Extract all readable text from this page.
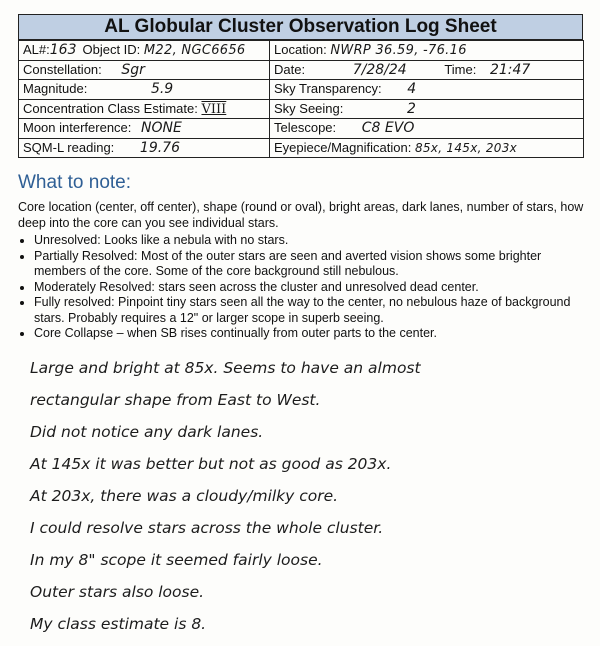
AL Globular Cluster Observation Log Sheet
AL#:163 Object ID: M22, NGC6656	Location: NWRP 36.59, -76.16
Constellation: Sgr	Date: 7/28/24 Time: 21:47
Magnitude: 5.9	Sky Transparency: 4
Concentration Class Estimate: VIII	Sky Seeing: 2
Moon interference: NONE	Telescope: C8 EVO
SQM-L reading: 19.76	Eyepiece/Magnification: 85x, 145x, 203x
What to note:

Core location (center, off center), shape (round or oval), bright areas, dark lanes, number of stars, how deep into the core can you see individual stars.

• Unresolved: Looks like a nebula with no stars.
• Partially Resolved: Most of the outer stars are seen and averted vision shows some brighter members of the core. Some of the core background still nebulous.
• Moderately Resolved: stars seen across the cluster and unresolved dead center.
• Fully resolved: Pinpoint tiny stars seen all the way to the center, no nebulous haze of background stars. Probably requires a 12" or larger scope in superb seeing.
• Core Collapse – when SB rises continually from outer parts to the center.
Large and bright at 85x. Seems to have an almost
rectangular shape from East to West.
Did not notice any dark lanes.
At 145x it was better but not as good as 203x.
At 203x, there was a cloudy/milky core.
I could resolve stars across the whole cluster.
In my 8" scope it seemed fairly loose.
Outer stars also loose.
My class estimate is 8.
